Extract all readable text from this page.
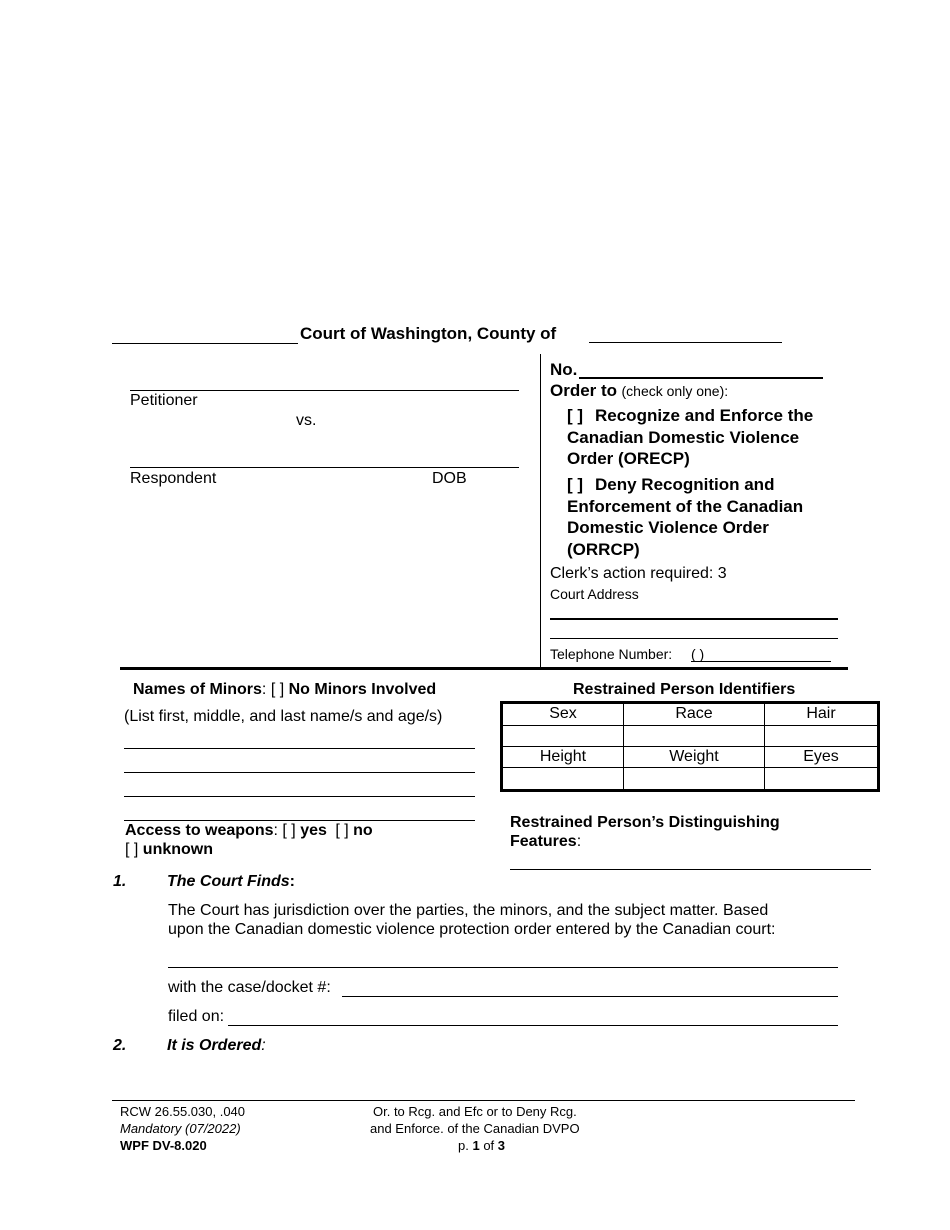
Court of Washington, County of
Petitioner
vs.
Respondent	DOB
No.
Order to (check only one):
[ ] Recognize and Enforce the
Canadian Domestic Violence
Order (ORECP)
[ ] Deny Recognition and
Enforcement of the Canadian
Domestic Violence Order
(ORRCP)
Clerk’s action required: 3
Court Address
Telephone Number: ( )
Names of Minors: [ ] No Minors Involved
(List first, middle, and last name/s and age/s)
Access to weapons: [ ] yes [ ] no
[ ] unknown
Restrained Person Identifiers
Sex	Race	Hair

Height	Weight	Eyes

Restrained Person’s Distinguishing
Features:
1.	The Court Finds:
The Court has jurisdiction over the parties, the minors, and the subject matter. Based
upon the Canadian domestic violence protection order entered by the Canadian court:
with the case/docket #:
filed on:
2.	It is Ordered:
RCW 26.55.030, .040
Mandatory (07/2022)
WPF DV-8.020
Or. to Rcg. and Efc or to Deny Rcg.
and Enforce. of the Canadian DVPO
p. 1 of 3
